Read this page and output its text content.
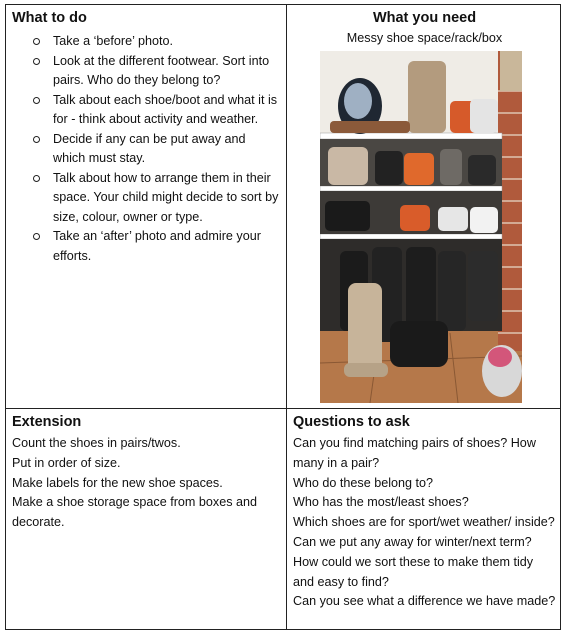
What to do
Take a ‘before’ photo.
Look at the different footwear. Sort into pairs. Who do they belong to?
Talk about each shoe/boot and what it is for - think about activity and weather.
Decide if any can be put away and which must stay.
Talk about how to arrange them in their space. Your child might decide to sort by size, colour, owner or type.
Take an ‘after’ photo and admire your efforts.
What you need
Messy shoe space/rack/box
Extension
Count the shoes in pairs/twos.
Put in order of size.
Make labels for the new shoe spaces.
Make a shoe storage space from boxes and decorate.
Questions to ask
Can you find matching pairs of shoes? How many in a pair?
Who do these belong to?
Who has the most/least shoes?
Which shoes are for sport/wet weather/ inside?
Can we put any away for winter/next term?
How could we sort these to make them tidy and easy to find?
Can you see what a difference we have made?
